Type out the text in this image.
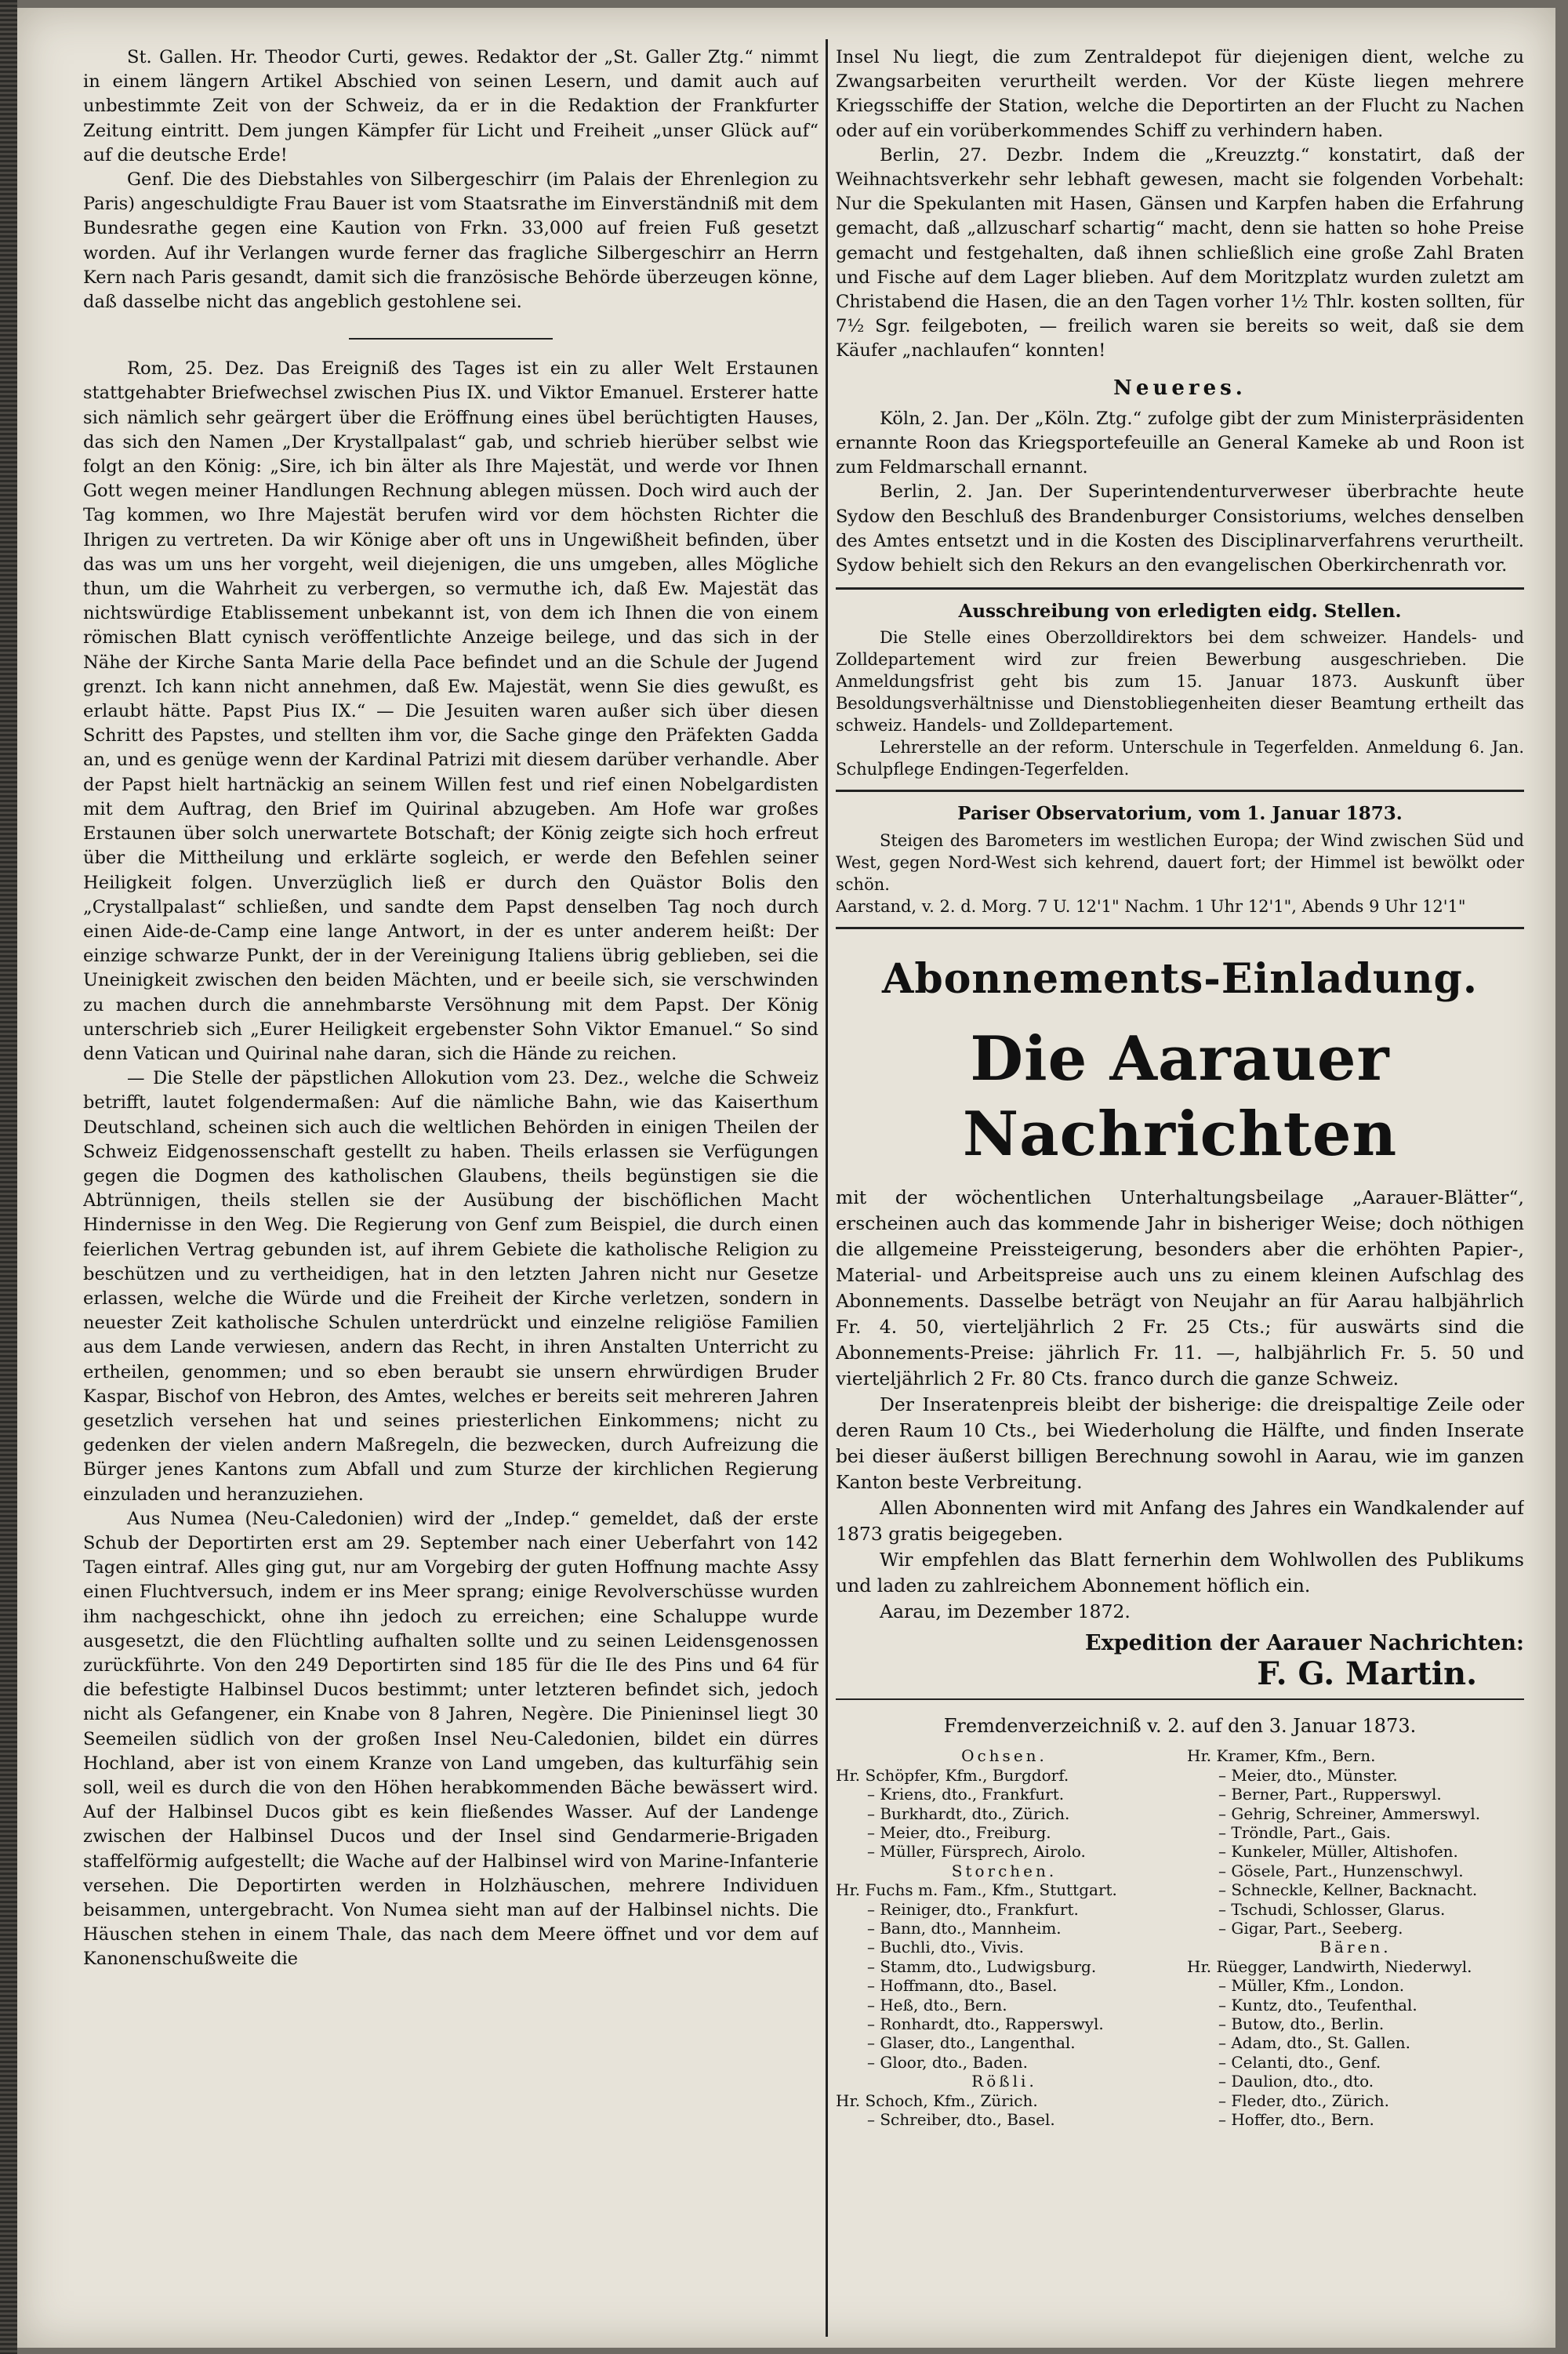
St. Gallen. Hr. Theodor Curti, gewes. Redaktor der „St. Galler Ztg.“ nimmt in einem längern Artikel Abschied von seinen Lesern, und damit auch auf unbestimmte Zeit von der Schweiz, da er in die Redaktion der Frankfurter Zeitung eintritt. Dem jungen Kämpfer für Licht und Freiheit „unser Glück auf“ auf die deutsche Erde!

Genf. Die des Diebstahles von Silbergeschirr (im Palais der Ehrenlegion zu Paris) angeschuldigte Frau Bauer ist vom Staatsrathe im Einverständniß mit dem Bundesrathe gegen eine Kaution von Frkn. 33,000 auf freien Fuß gesetzt worden. Auf ihr Verlangen wurde ferner das fragliche Silbergeschirr an Herrn Kern nach Paris gesandt, damit sich die französische Behörde überzeugen könne, daß dasselbe nicht das angeblich gestohlene sei.

Rom, 25. Dez. Das Ereigniß des Tages ist ein zu aller Welt Erstaunen stattgehabter Briefwechsel zwischen Pius IX. und Viktor Emanuel. Ersterer hatte sich nämlich sehr geärgert über die Eröffnung eines übel berüchtigten Hauses, das sich den Namen „Der Krystallpalast“ gab, und schrieb hierüber selbst wie folgt an den König: „Sire, ich bin älter als Ihre Majestät, und werde vor Ihnen Gott wegen meiner Handlungen Rechnung ablegen müssen. Doch wird auch der Tag kommen, wo Ihre Majestät berufen wird vor dem höchsten Richter die Ihrigen zu vertreten. Da wir Könige aber oft uns in Ungewißheit befinden, über das was um uns her vorgeht, weil diejenigen, die uns umgeben, alles Mögliche thun, um die Wahrheit zu verbergen, so vermuthe ich, daß Ew. Majestät das nichtswürdige Etablissement unbekannt ist, von dem ich Ihnen die von einem römischen Blatt cynisch veröffentlichte Anzeige beilege, und das sich in der Nähe der Kirche Santa Marie della Pace befindet und an die Schule der Jugend grenzt. Ich kann nicht annehmen, daß Ew. Majestät, wenn Sie dies gewußt, es erlaubt hätte. Papst Pius IX.“ — Die Jesuiten waren außer sich über diesen Schritt des Papstes, und stellten ihm vor, die Sache ginge den Präfekten Gadda an, und es genüge wenn der Kardinal Patrizi mit diesem darüber verhandle. Aber der Papst hielt hartnäckig an seinem Willen fest und rief einen Nobelgardisten mit dem Auftrag, den Brief im Quirinal abzugeben. Am Hofe war großes Erstaunen über solch unerwartete Botschaft; der König zeigte sich hoch erfreut über die Mittheilung und erklärte sogleich, er werde den Befehlen seiner Heiligkeit folgen. Unverzüglich ließ er durch den Quästor Bolis den „Crystallpalast“ schließen, und sandte dem Papst denselben Tag noch durch einen Aide-de-Camp eine lange Antwort, in der es unter anderem heißt: Der einzige schwarze Punkt, der in der Vereinigung Italiens übrig geblieben, sei die Uneinigkeit zwischen den beiden Mächten, und er beeile sich, sie verschwinden zu machen durch die annehmbarste Versöhnung mit dem Papst. Der König unterschrieb sich „Eurer Heiligkeit ergebenster Sohn Viktor Emanuel.“ So sind denn Vatican und Quirinal nahe daran, sich die Hände zu reichen.

— Die Stelle der päpstlichen Allokution vom 23. Dez., welche die Schweiz betrifft, lautet folgendermaßen: Auf die nämliche Bahn, wie das Kaiserthum Deutschland, scheinen sich auch die weltlichen Behörden in einigen Theilen der Schweiz Eidgenossenschaft gestellt zu haben. Theils erlassen sie Verfügungen gegen die Dogmen des katholischen Glaubens, theils begünstigen sie die Abtrünnigen, theils stellen sie der Ausübung der bischöflichen Macht Hindernisse in den Weg. Die Regierung von Genf zum Beispiel, die durch einen feierlichen Vertrag gebunden ist, auf ihrem Gebiete die katholische Religion zu beschützen und zu vertheidigen, hat in den letzten Jahren nicht nur Gesetze erlassen, welche die Würde und die Freiheit der Kirche verletzen, sondern in neuester Zeit katholische Schulen unterdrückt und einzelne religiöse Familien aus dem Lande verwiesen, andern das Recht, in ihren Anstalten Unterricht zu ertheilen, genommen; und so eben beraubt sie unsern ehrwürdigen Bruder Kaspar, Bischof von Hebron, des Amtes, welches er bereits seit mehreren Jahren gesetzlich versehen hat und seines priesterlichen Einkommens; nicht zu gedenken der vielen andern Maßregeln, die bezwecken, durch Aufreizung die Bürger jenes Kantons zum Abfall und zum Sturze der kirchlichen Regierung einzuladen und heranzuziehen.

Aus Numea (Neu-Caledonien) wird der „Indep.“ gemeldet, daß der erste Schub der Deportirten erst am 29. September nach einer Ueberfahrt von 142 Tagen eintraf. Alles ging gut, nur am Vorgebirg der guten Hoffnung machte Assy einen Fluchtversuch, indem er ins Meer sprang; einige Revolverschüsse wurden ihm nachgeschickt, ohne ihn jedoch zu erreichen; eine Schaluppe wurde ausgesetzt, die den Flüchtling aufhalten sollte und zu seinen Leidensgenossen zurückführte. Von den 249 Deportirten sind 185 für die Ile des Pins und 64 für die befestigte Halbinsel Ducos bestimmt; unter letzteren befindet sich, jedoch nicht als Gefangener, ein Knabe von 8 Jahren, Negère. Die Pinieninsel liegt 30 Seemeilen südlich von der großen Insel Neu-Caledonien, bildet ein dürres Hochland, aber ist von einem Kranze von Land umgeben, das kulturfähig sein soll, weil es durch die von den Höhen herabkommenden Bäche bewässert wird. Auf der Halbinsel Ducos gibt es kein fließendes Wasser. Auf der Landenge zwischen der Halbinsel Ducos und der Insel sind Gendarmerie-Brigaden staffelförmig aufgestellt; die Wache auf der Halbinsel wird von Marine-Infanterie versehen. Die Deportirten werden in Holzhäuschen, mehrere Individuen beisammen, untergebracht. Von Numea sieht man auf der Halbinsel nichts. Die Häuschen stehen in einem Thale, das nach dem Meere öffnet und vor dem auf Kanonenschußweite die

Insel Nu liegt, die zum Zentraldepot für diejenigen dient, welche zu Zwangsarbeiten verurtheilt werden. Vor der Küste liegen mehrere Kriegsschiffe der Station, welche die Deportirten an der Flucht zu Nachen oder auf ein vorüberkommendes Schiff zu verhindern haben.

Berlin, 27. Dezbr. Indem die „Kreuzztg.“ konstatirt, daß der Weihnachtsverkehr sehr lebhaft gewesen, macht sie folgenden Vorbehalt: Nur die Spekulanten mit Hasen, Gänsen und Karpfen haben die Erfahrung gemacht, daß „allzuscharf schartig“ macht, denn sie hatten so hohe Preise gemacht und festgehalten, daß ihnen schließlich eine große Zahl Braten und Fische auf dem Lager blieben. Auf dem Moritzplatz wurden zuletzt am Christabend die Hasen, die an den Tagen vorher 1½ Thlr. kosten sollten, für 7½ Sgr. feilgeboten, — freilich waren sie bereits so weit, daß sie dem Käufer „nachlaufen“ konnten!

Neueres.

Köln, 2. Jan. Der „Köln. Ztg.“ zufolge gibt der zum Ministerpräsidenten ernannte Roon das Kriegsportefeuille an General Kameke ab und Roon ist zum Feldmarschall ernannt.

Berlin, 2. Jan. Der Superintendenturverweser überbrachte heute Sydow den Beschluß des Brandenburger Consistoriums, welches denselben des Amtes entsetzt und in die Kosten des Disciplinarverfahrens verurtheilt. Sydow behielt sich den Rekurs an den evangelischen Oberkirchenrath vor.

Ausschreibung von erledigten eidg. Stellen.

Die Stelle eines Oberzolldirektors bei dem schweizer. Handels- und Zolldepartement wird zur freien Bewerbung ausgeschrieben. Die Anmeldungsfrist geht bis zum 15. Januar 1873. Auskunft über Besoldungsverhältnisse und Dienstobliegenheiten dieser Beamtung ertheilt das schweiz. Handels- und Zolldepartement.

Lehrerstelle an der reform. Unterschule in Tegerfelden. Anmeldung 6. Jan. Schulpflege Endingen-Tegerfelden.

Pariser Observatorium, vom 1. Januar 1873.

Steigen des Barometers im westlichen Europa; der Wind zwischen Süd und West, gegen Nord-West sich kehrend, dauert fort; der Himmel ist bewölkt oder schön.

Aarstand, v. 2. d. Morg. 7 U. 12'1" Nachm. 1 Uhr 12'1", Abends 9 Uhr 12'1"

Abonnements-Einladung.
Die Aarauer Nachrichten

mit der wöchentlichen Unterhaltungsbeilage „Aarauer-Blätter“, erscheinen auch das kommende Jahr in bisheriger Weise; doch nöthigen die allgemeine Preissteigerung, besonders aber die erhöhten Papier-, Material- und Arbeitspreise auch uns zu einem kleinen Aufschlag des Abonnements. Dasselbe beträgt von Neujahr an für Aarau halbjährlich Fr. 4. 50, vierteljährlich 2 Fr. 25 Cts.; für auswärts sind die Abonnements-Preise: jährlich Fr. 11. —, halbjährlich Fr. 5. 50 und vierteljährlich 2 Fr. 80 Cts. franco durch die ganze Schweiz.

Der Inseratenpreis bleibt der bisherige: die dreispaltige Zeile oder deren Raum 10 Cts., bei Wiederholung die Hälfte, und finden Inserate bei dieser äußerst billigen Berechnung sowohl in Aarau, wie im ganzen Kanton beste Verbreitung.

Allen Abonnenten wird mit Anfang des Jahres ein Wandkalender auf 1873 gratis beigegeben.

Wir empfehlen das Blatt fernerhin dem Wohlwollen des Publikums und laden zu zahlreichem Abonnement höflich ein.

Aarau, im Dezember 1872.

Expedition der Aarauer Nachrichten:
F. G. Martin.
Fremdenverzeichniß v. 2. auf den 3. Januar 1873.
Ochsen.
Hr. Schöpfer, Kfm., Burgdorf.
– Kriens, dto., Frankfurt.
– Burkhardt, dto., Zürich.
– Meier, dto., Freiburg.
– Müller, Fürsprech, Airolo.
Storchen.
Hr. Fuchs m. Fam., Kfm., Stuttgart.
– Reiniger, dto., Frankfurt.
– Bann, dto., Mannheim.
– Buchli, dto., Vivis.
– Stamm, dto., Ludwigsburg.
– Hoffmann, dto., Basel.
– Heß, dto., Bern.
– Ronhardt, dto., Rapperswyl.
– Glaser, dto., Langenthal.
– Gloor, dto., Baden.
Rößli.
Hr. Schoch, Kfm., Zürich.
– Schreiber, dto., Basel.
Hr. Kramer, Kfm., Bern.
– Meier, dto., Münster.
– Berner, Part., Rupperswyl.
– Gehrig, Schreiner, Ammerswyl.
– Tröndle, Part., Gais.
– Kunkeler, Müller, Altishofen.
– Gösele, Part., Hunzenschwyl.
– Schneckle, Kellner, Backnacht.
– Tschudi, Schlosser, Glarus.
– Gigar, Part., Seeberg.
Bären.
Hr. Rüegger, Landwirth, Niederwyl.
– Müller, Kfm., London.
– Kuntz, dto., Teufenthal.
– Butow, dto., Berlin.
– Adam, dto., St. Gallen.
– Celanti, dto., Genf.
– Daulion, dto., dto.
– Fleder, dto., Zürich.
– Hoffer, dto., Bern.
